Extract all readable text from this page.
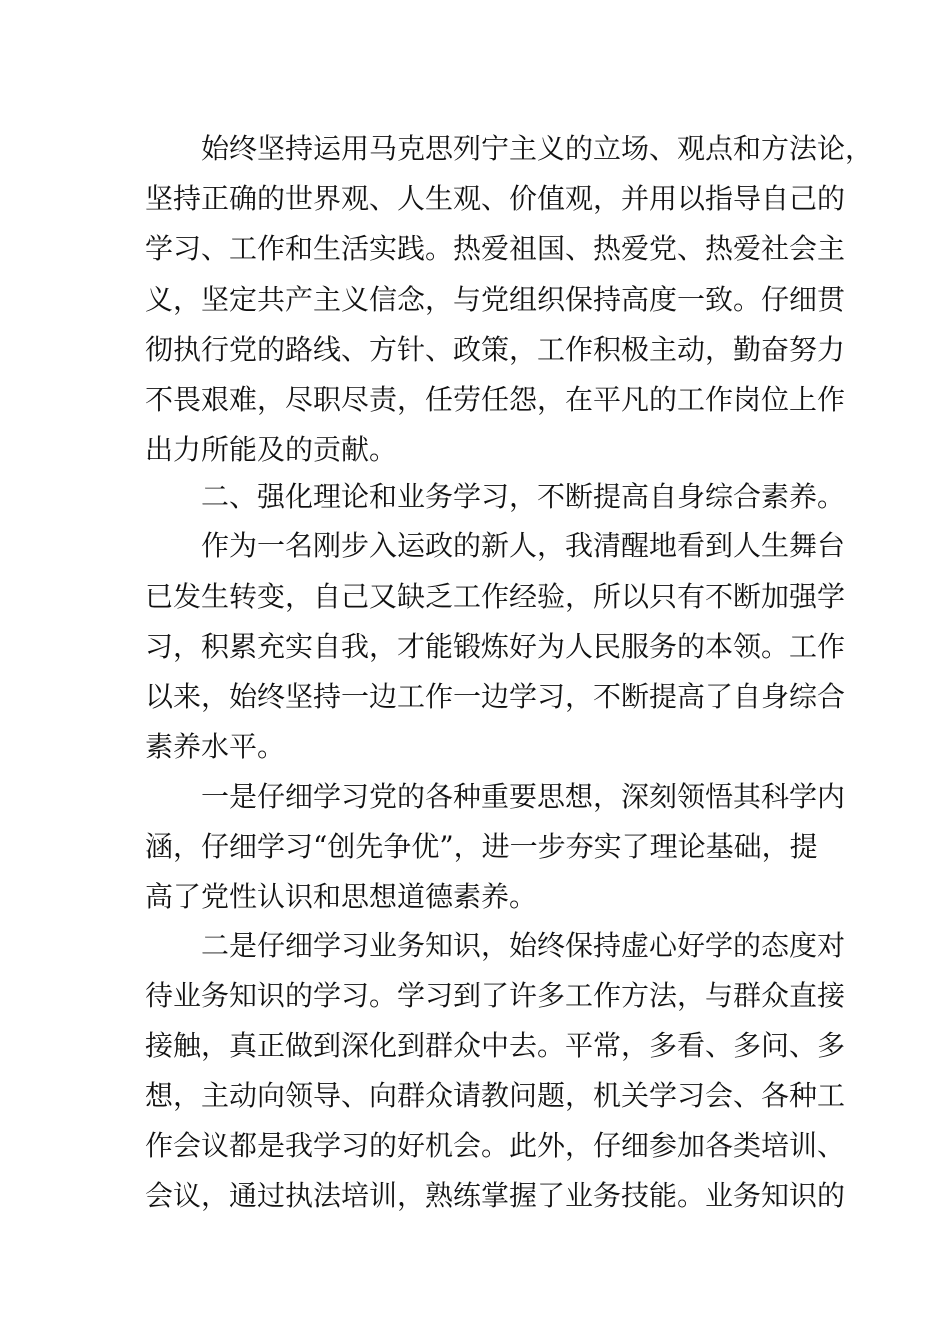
始终坚持运用马克思列宁主义的立场、观点和方法论，

坚持正确的世界观、人生观、价值观，并用以指导自己的

学习、工作和生活实践。热爱祖国、热爱党、热爱社会主

义，坚定共产主义信念，与党组织保持高度一致。仔细贯

彻执行党的路线、方针、政策，工作积极主动，勤奋努力

不畏艰难，尽职尽责，任劳任怨，在平凡的工作岗位上作

出力所能及的贡献。

二、强化理论和业务学习，不断提高自身综合素养。

作为一名刚步入运政的新人，我清醒地看到人生舞台

已发生转变，自己又缺乏工作经验，所以只有不断加强学

习，积累充实自我，才能锻炼好为人民服务的本领。工作

以来，始终坚持一边工作一边学习，不断提高了自身综合

素养水平。

一是仔细学习党的各种重要思想，深刻领悟其科学内

涵，仔细学习“创先争优”，进一步夯实了理论基础，提

高了党性认识和思想道德素养。

二是仔细学习业务知识，始终保持虚心好学的态度对

待业务知识的学习。学习到了许多工作方法，与群众直接

接触，真正做到深化到群众中去。平常，多看、多问、多

想，主动向领导、向群众请教问题，机关学习会、各种工

作会议都是我学习的好机会。此外，仔细参加各类培训、

会议，通过执法培训，熟练掌握了业务技能。业务知识的
